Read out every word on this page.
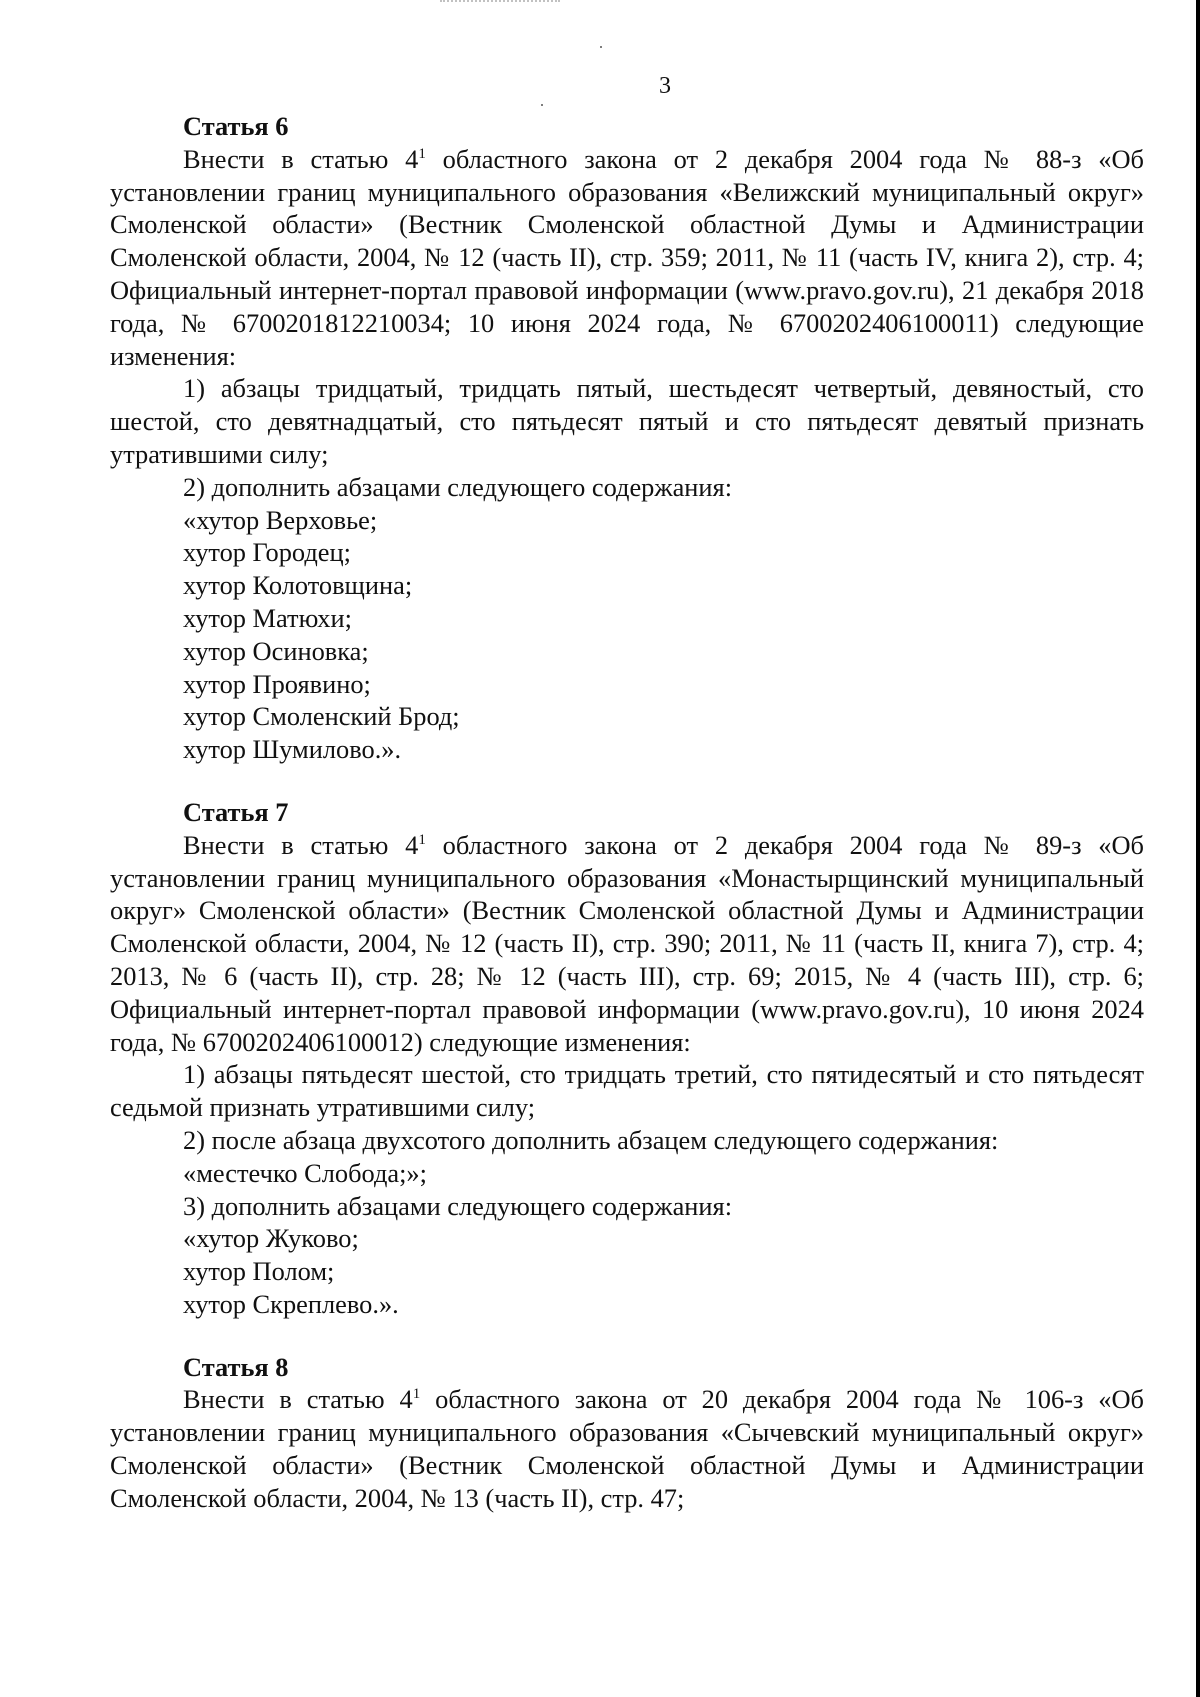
3
Статья 6
Внести в статью $4^1$ областного закона от 2 декабря 2004 года № 88-з «Об установлении границ муниципального образования «Велижский муниципальный округ» Смоленской области» (Вестник Смоленской областной Думы и Администрации Смоленской области, 2004, № 12 (часть II), стр. 359; 2011, № 11 (часть IV, книга 2), стр. 4; Официальный интернет-портал правовой информации (www.pravo.gov.ru), 21 декабря 2018 года, № 6700201812210034; 10 июня 2024 года, № 6700202406100011) следующие изменения:
1) абзацы тридцатый, тридцать пятый, шестьдесят четвертый, девяностый, сто шестой, сто девятнадцатый, сто пятьдесят пятый и сто пятьдесят девятый признать утратившими силу;
2) дополнить абзацами следующего содержания:
«хутор Верховье;
хутор Городец;
хутор Колотовщина;
хутор Матюхи;
хутор Осиновка;
хутор Проявино;
хутор Смоленский Брод;
хутор Шумилово.».
Статья 7
Внести в статью $4^1$ областного закона от 2 декабря 2004 года № 89-з «Об установлении границ муниципального образования «Монастырщинский муниципальный округ» Смоленской области» (Вестник Смоленской областной Думы и Администрации Смоленской области, 2004, № 12 (часть II), стр. 390; 2011, № 11 (часть II, книга 7), стр. 4; 2013, № 6 (часть II), стр. 28; № 12 (часть III), стр. 69; 2015, № 4 (часть III), стр. 6; Официальный интернет-портал правовой информации (www.pravo.gov.ru), 10 июня 2024 года, № 6700202406100012) следующие изменения:
1) абзацы пятьдесят шестой, сто тридцать третий, сто пятидесятый и сто пятьдесят седьмой признать утратившими силу;
2) после абзаца двухсотого дополнить абзацем следующего содержания:
«местечко Слобода;»;
3) дополнить абзацами следующего содержания:
«хутор Жуково;
хутор Полом;
хутор Скреплево.».
Статья 8
Внести в статью $4^1$ областного закона от 20 декабря 2004 года № 106-з «Об установлении границ муниципального образования «Сычевский муниципальный округ» Смоленской области» (Вестник Смоленской областной Думы и Администрации Смоленской области, 2004, № 13 (часть II), стр. 47;
